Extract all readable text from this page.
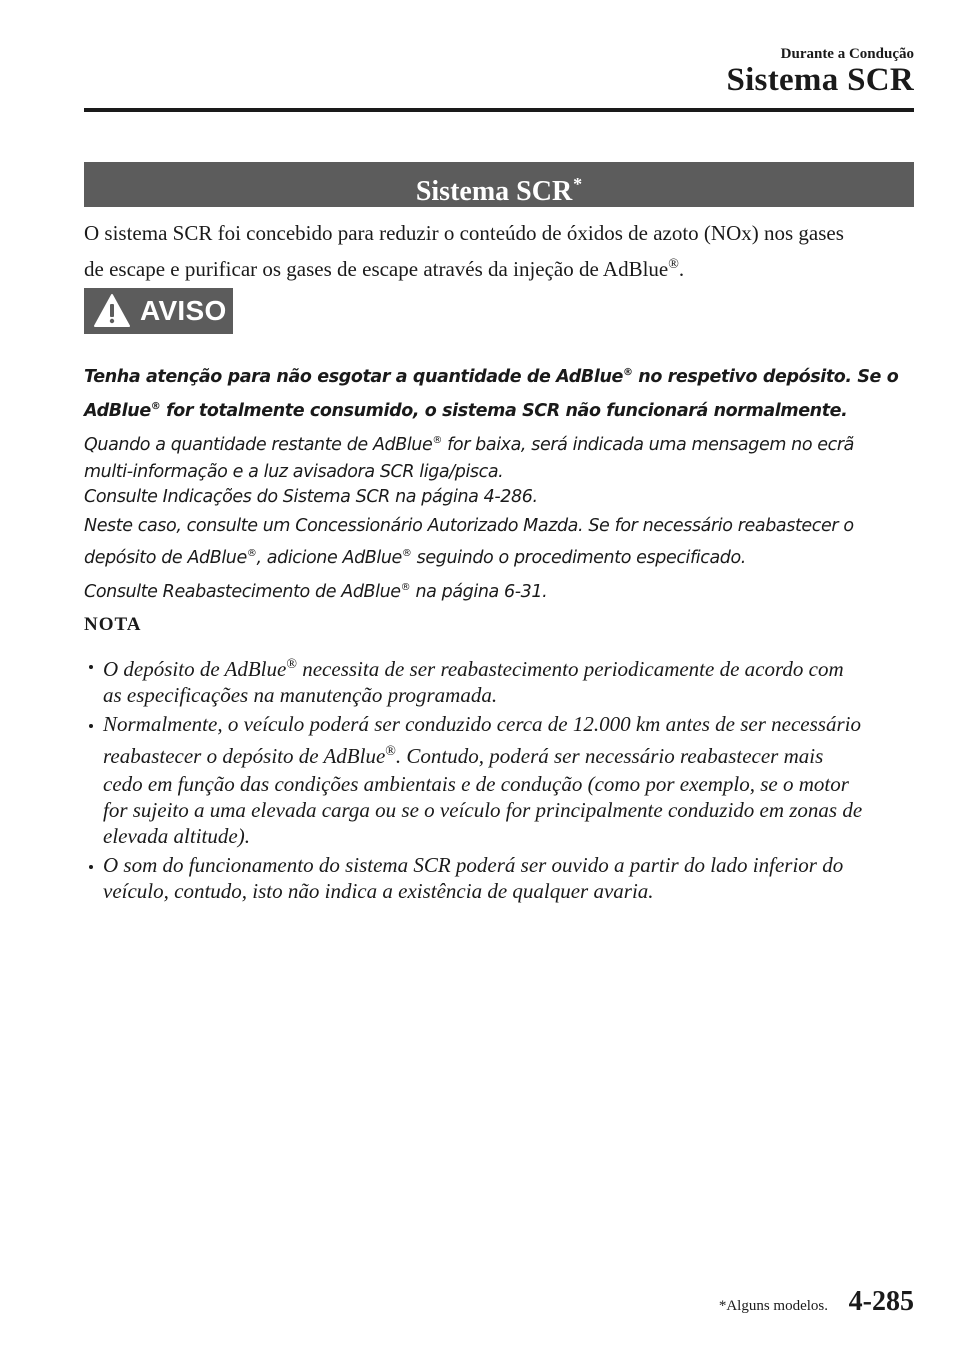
Durante a Condução
Sistema SCR
Sistema SCR*
O sistema SCR foi concebido para reduzir o conteúdo de óxidos de azoto (NOx) nos gases
de escape e purificar os gases de escape através da injeção de AdBlue®.
AVISO

Tenha atenção para não esgotar a quantidade de AdBlue® no respetivo depósito. Se o

AdBlue® for totalmente consumido, o sistema SCR não funcionará normalmente.

Quando a quantidade restante de AdBlue® for baixa, será indicada uma mensagem no ecrã

multi-informação e a luz avisadora SCR liga/pisca.

Consulte Indicações do Sistema SCR na página 4-286.

Neste caso, consulte um Concessionário Autorizado Mazda. Se for necessário reabastecer o

depósito de AdBlue®, adicione AdBlue® seguindo o procedimento especificado.

Consulte Reabastecimento de AdBlue® na página 6-31.

NOTA
O depósito de AdBlue® necessita de ser reabastecimento periodicamente de acordo com
as especificações na manutenção programada.
Normalmente, o veículo poderá ser conduzido cerca de 12.000 km antes de ser necessário
reabastecer o depósito de AdBlue®. Contudo, poderá ser necessário reabastecer mais
cedo em função das condições ambientais e de condução (como por exemplo, se o motor
for sujeito a uma elevada carga ou se o veículo for principalmente conduzido em zonas de
elevada altitude).
O som do funcionamento do sistema SCR poderá ser ouvido a partir do lado inferior do
veículo, contudo, isto não indica a existência de qualquer avaria.
*Alguns modelos. 4-285
